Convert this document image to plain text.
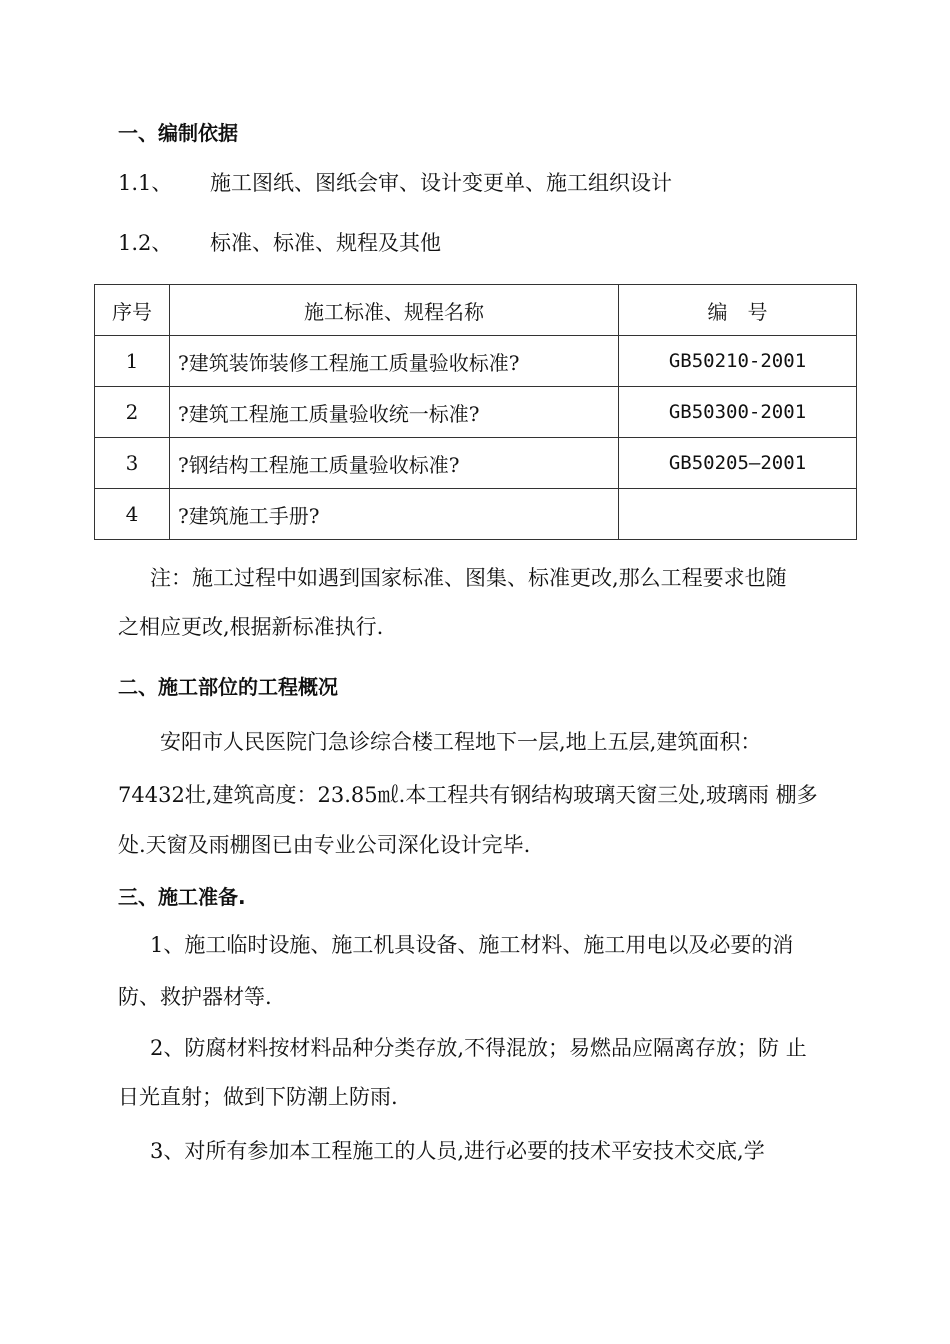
一、编制依据
1.1、 施工图纸、图纸会审、设计变更单、施工组织设计
1.2、 标准、标准、规程及其他
序号	施工标准、规程名称	编　号
1	?建筑装饰装修工程施工质量验收标准?	GB50210-2001
2	?建筑工程施工质量验收统一标准?	GB50300-2001
3	?钢结构工程施工质量验收标准?	GB50205—2001
4	?建筑施工手册?	
注：施工过程中如遇到国家标准、图集、标准更改,那么工程要求也随
之相应更改,根据新标准执行.
二、施工部位的工程概况
安阳市人民医院门急诊综合楼工程地下一层,地上五层,建筑面积：
74432壮,建筑高度：23.85㎖.本工程共有钢结构玻璃天窗三处,玻璃雨 棚多
处.天窗及雨棚图已由专业公司深化设计完毕.
三、施工准备.
1、施工临时设施、施工机具设备、施工材料、施工用电以及必要的消
防、救护器材等.
2、防腐材料按材料品种分类存放,不得混放；易燃品应隔离存放；防 止
日光直射；做到下防潮上防雨.
3、对所有参加本工程施工的人员,进行必要的技术平安技术交底,学
